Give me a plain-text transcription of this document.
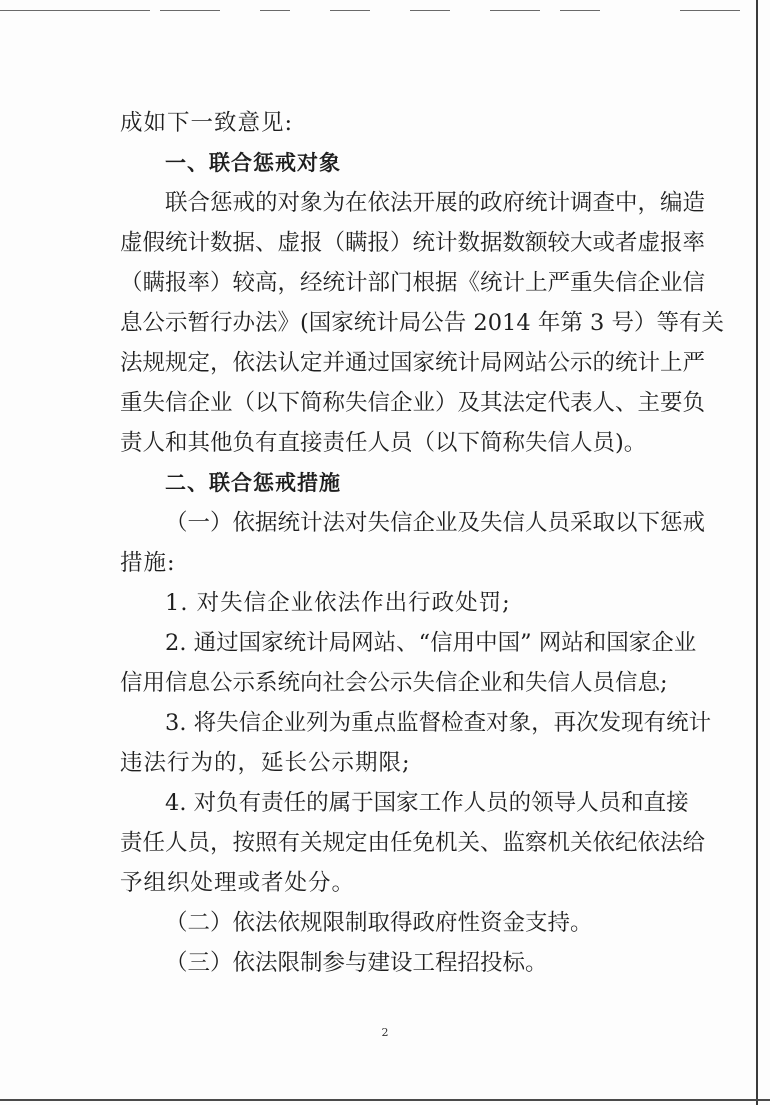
成如下一致意见:
一、联合惩戒对象
联合惩戒的对象为在依法开展的政府统计调查中，编造
虚假统计数据、虚报（瞒报）统计数据数额较大或者虚报率
（瞒报率）较高，经统计部门根据《统计上严重失信企业信
息公示暂行办法》(国家统计局公告 2014 年第 3 号）等有关
法规规定，依法认定并通过国家统计局网站公示的统计上严
重失信企业（以下简称失信企业）及其法定代表人、主要负
责人和其他负有直接责任人员（以下简称失信人员)。
二、联合惩戒措施
（一）依据统计法对失信企业及失信人员采取以下惩戒
措施:
1. 对失信企业依法作出行政处罚;
2. 通过国家统计局网站、“信用中国” 网站和国家企业
信用信息公示系统向社会公示失信企业和失信人员信息;
3. 将失信企业列为重点监督检查对象，再次发现有统计
违法行为的，延长公示期限;
4. 对负有责任的属于国家工作人员的领导人员和直接
责任人员，按照有关规定由任免机关、监察机关依纪依法给
予组织处理或者处分。
（二）依法依规限制取得政府性资金支持。
（三）依法限制参与建设工程招投标。
2
